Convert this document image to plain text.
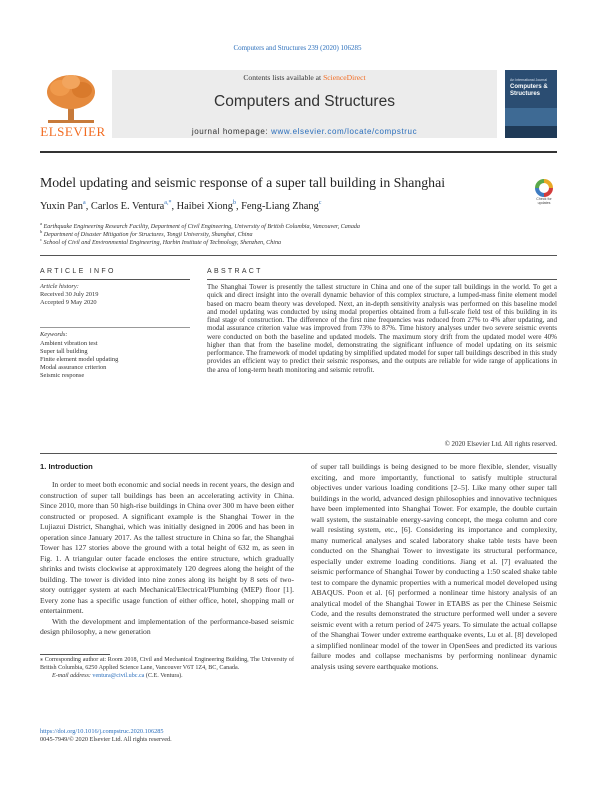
Computers and Structures 239 (2020) 106285
ELSEVIER
Contents lists available at ScienceDirect
Computers and Structures
journal homepage: www.elsevier.com/locate/compstruc
An International Journal
Computers & Structures
Model updating and seismic response of a super tall building in Shanghai
Check for updates
Yuxin Pan$^a$, Carlos E. Ventura$^{a,*}$, Haibei Xiong$^b$, Feng-Liang Zhang$^c$
$^a$ Earthquake Engineering Research Facility, Department of Civil Engineering, University of British Columbia, Vancouver, Canada
$^b$ Department of Disaster Mitigation for Structures, Tongji University, Shanghai, China
$^c$ School of Civil and Environmental Engineering, Harbin Institute of Technology, Shenzhen, China
ARTICLE INFO
Article history:
Received 30 July 2019
Accepted 9 May 2020
Keywords:
Ambient vibration test
Super tall building
Finite element model updating
Modal assurance criterion
Seismic response
ABSTRACT
The Shanghai Tower is presently the tallest structure in China and one of the super tall buildings in the world. To get a quick and direct insight into the overall dynamic behavior of this complex structure, a lumped-mass finite element model based on macro beam theory was developed. Next, an in-depth sensitivity analysis was performed on this baseline model and model updating was conducted by using modal properties obtained from a full-scale field test of this building in its final stage of construction. The difference of the first nine frequencies was reduced from 27% to 4% after updating, and modal assurance criterion value was improved from 73% to 87%. Time history analyses under two severe seismic events were conducted on both the baseline and updated models. The maximum story drift from the updated model were 40% higher than that from the baseline model, demonstrating the significant influence of model updating on its seismic performance. The framework of model updating by simplified updated model for super tall buildings described in this study provides an efficient way to predict their seismic responses, and the outputs are reliable for wide range of applications in the area of long-term heath monitoring and seismic retrofit.
© 2020 Elsevier Ltd. All rights reserved.
1. Introduction

In order to meet both economic and social needs in recent years, the design and construction of super tall buildings has been an accelerating activity in China. Since 2010, more than 50 high-rise buildings in China over 300 m have been either constructed or proposed. A significant example is the Shanghai Tower in the Lujiazui District, Shanghai, which was initially designed in 2006 and has been in operation since January 2017. As the tallest structure in China so far, the Shanghai Tower has 127 stories above the ground with a total height of 632 m, as seen in Fig. 1. A triangular outer facade encloses the entire structure, which gradually shrinks and twists clockwise at approximately 120 degrees along the height of the building. The tower is divided into nine zones along its height by 8 sets of two-story outrigger system at each Mechanical/Electrical/Plumbing (MEP) floor [1]. Every zone has a specific usage function of either office, hotel, shopping mall or entertainment.

With the development and implementation of the performance-based seismic design philosophy, a new generation

of super tall buildings is being designed to be more flexible, slender, visually exciting, and more importantly, functional to satisfy multiple structural objectives under various loading conditions [2–5]. Like many other super tall buildings in the world, advanced design philosophies and innovative techniques have been implemented into Shanghai Tower. For example, the double curtain wall system, the sustainable energy-saving concept, the mega column and core wall resisting system, etc., [6]. Considering its importance and complexity, many numerical analyses and scaled laboratory shake table tests have been conducted on the Shanghai Tower to investigate its structural performance, especially under extreme loading conditions. Jiang et al. [7] evaluated the seismic performance of Shanghai Tower by conducting a 1:50 scaled shake table test to compare the dynamic properties with a numerical model developed using ABAQUS. Poon et al. [6] performed a nonlinear time history analysis of an analytical model of the Shanghai Tower in ETABS as per the Chinese Seismic Code, and the results demonstrated the structure performed well under a severe seismic event with a return period of 2475 years. To simulate the actual collapse of the Shanghai Tower under extreme earthquake events, Lu et al. [8] developed a simplified nonlinear model of the tower in OpenSees and predicted its various failure modes and collapse mechanisms by performing nonlinear dynamic analysis using severe earthquake motions.

⁎ Corresponding author at: Room 2018, Civil and Mechanical Engineering Building, The University of British Columbia, 6250 Applied Science Lane, Vancouver V6T 1Z4, BC, Canada.
E-mail address: ventura@civil.ubc.ca (C.E. Ventura).
https://doi.org/10.1016/j.compstruc.2020.106285
0045-7949/© 2020 Elsevier Ltd. All rights reserved.
